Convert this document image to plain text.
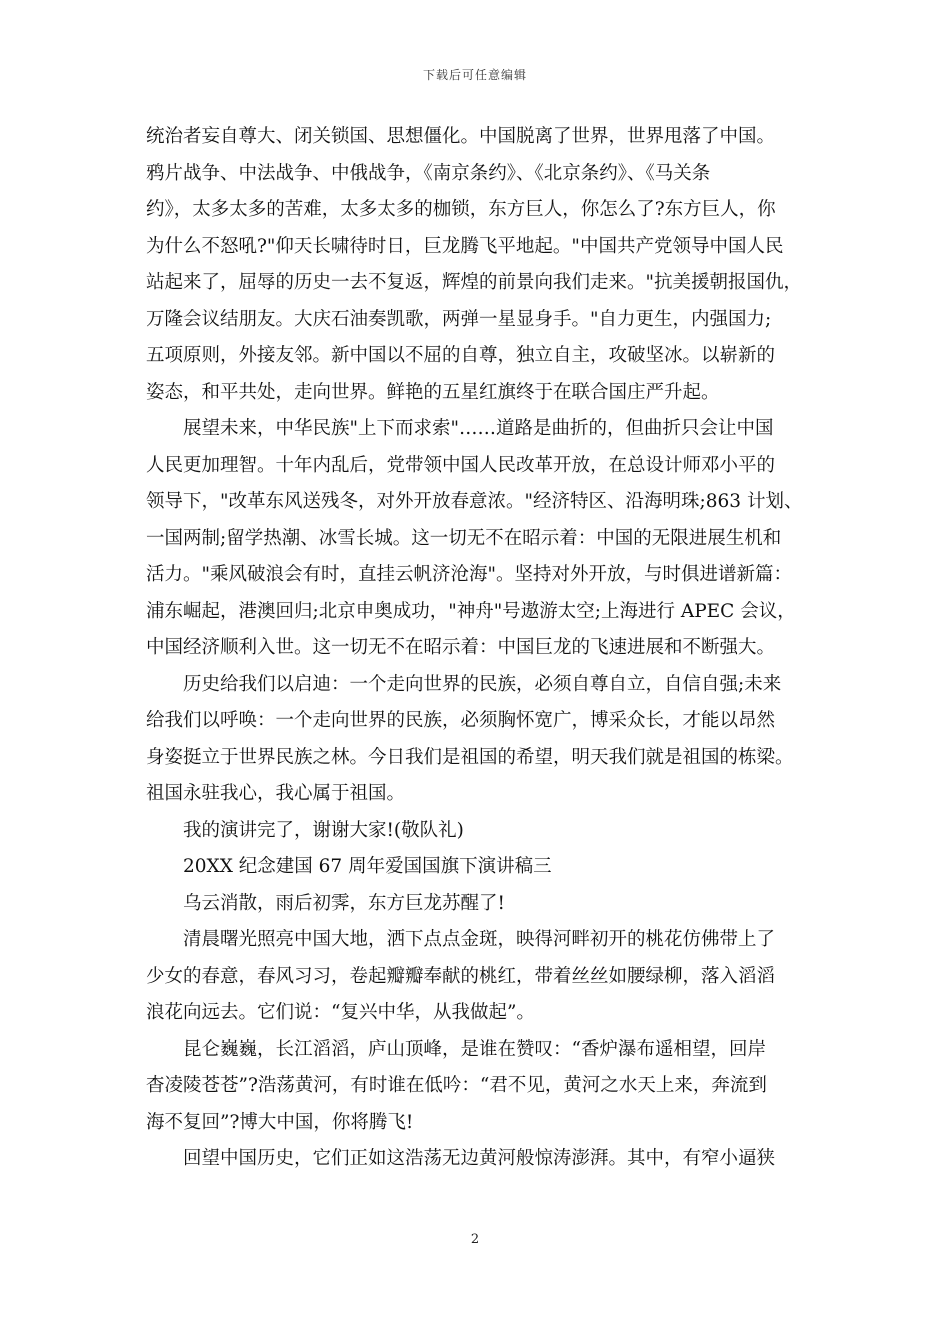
下载后可任意编辑
统治者妄自尊大、闭关锁国、思想僵化。中国脱离了世界，世界甩落了中国。
鸦片战争、中法战争、中俄战争，《南京条约》、《北京条约》、《马关条
约》，太多太多的苦难，太多太多的枷锁，东方巨人，你怎么了?东方巨人，你
为什么不怒吼?"仰天长啸待时日，巨龙腾飞平地起。"中国共产党领导中国人民
站起来了，屈辱的历史一去不复返，辉煌的前景向我们走来。"抗美援朝报国仇，
万隆会议结朋友。大庆石油奏凯歌，两弹一星显身手。"自力更生，内强国力;
五项原则，外接友邻。新中国以不屈的自尊，独立自主，攻破坚冰。以崭新的
姿态，和平共处，走向世界。鲜艳的五星红旗终于在联合国庄严升起。
展望未来，中华民族"上下而求索"……道路是曲折的，但曲折只会让中国
人民更加理智。十年内乱后，党带领中国人民改革开放，在总设计师邓小平的
领导下，"改革东风送残冬，对外开放春意浓。"经济特区、沿海明珠;863 计划、
一国两制;留学热潮、冰雪长城。这一切无不在昭示着：中国的无限进展生机和
活力。"乘风破浪会有时，直挂云帆济沧海"。坚持对外开放，与时俱进谱新篇：
浦东崛起，港澳回归;北京申奥成功，"神舟"号遨游太空;上海进行 APEC 会议，
中国经济顺利入世。这一切无不在昭示着：中国巨龙的飞速进展和不断强大。
历史给我们以启迪：一个走向世界的民族，必须自尊自立，自信自强;未来
给我们以呼唤：一个走向世界的民族，必须胸怀宽广，博采众长，才能以昂然
身姿挺立于世界民族之林。今日我们是祖国的希望，明天我们就是祖国的栋梁。
祖国永驻我心，我心属于祖国。
我的演讲完了，谢谢大家!(敬队礼)
20XX 纪念建国 67 周年爱国国旗下演讲稿三
乌云消散，雨后初霁，东方巨龙苏醒了!
清晨曙光照亮中国大地，洒下点点金斑，映得河畔初开的桃花仿佛带上了
少女的春意，春风习习，卷起瓣瓣奉献的桃红，带着丝丝如腰绿柳，落入滔滔
浪花向远去。它们说：“复兴中华，从我做起”。
昆仑巍巍，长江滔滔，庐山顶峰，是谁在赞叹：“香炉瀑布遥相望，回岸
杳凌陵苍苍”?浩荡黄河，有时谁在低吟：“君不见，黄河之水天上来，奔流到
海不复回”?博大中国，你将腾飞!
回望中国历史，它们正如这浩荡无边黄河般惊涛澎湃。其中，有窄小逼狭
2
